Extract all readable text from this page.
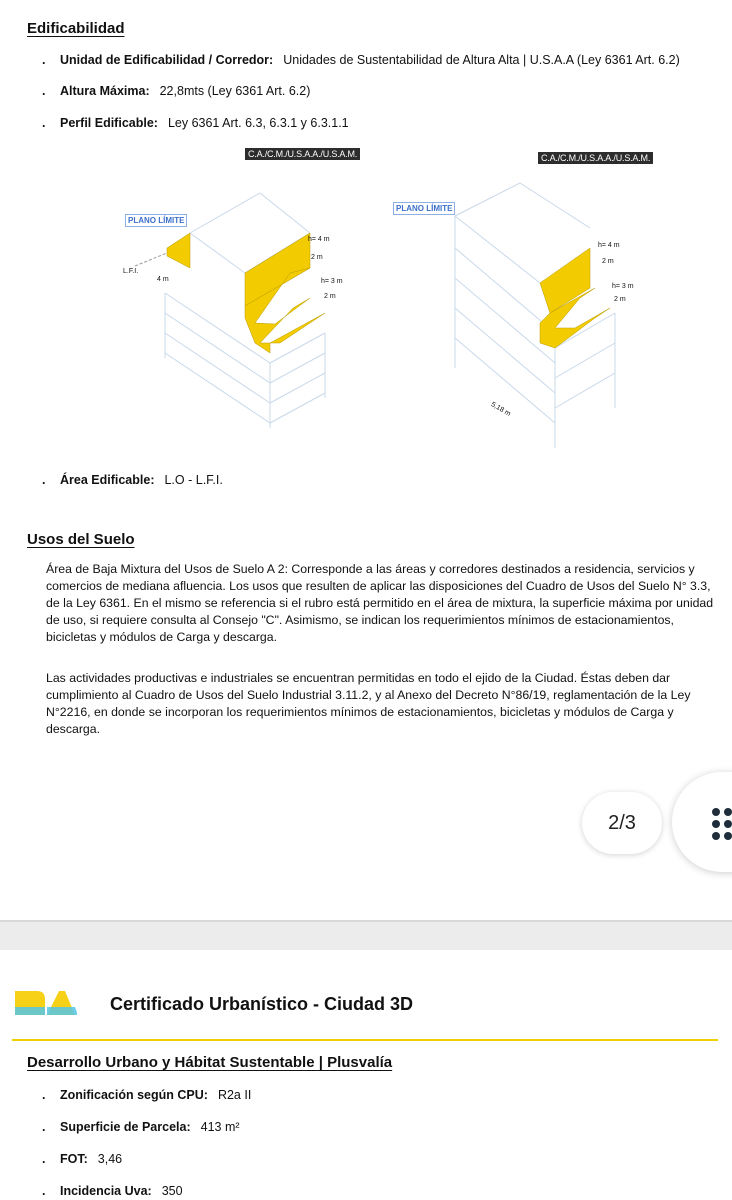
Edificabilidad
. Unidad de Edificabilidad / Corredor: Unidades de Sustentabilidad de Altura Alta | U.S.A.A (Ley 6361 Art. 6.2)
. Altura Máxima: 22,8mts (Ley 6361 Art. 6.2)
. Perfil Edificable: Ley 6361 Art. 6.3, 6.3.1 y 6.3.1.1
C.A./C.M./U.S.A.A./U.S.A.M.
PLANO LÍMITE
h= 4 m
2 m
h= 3 m
2 m
L.F.I.
4 m
C.A./C.M./U.S.A.A./U.S.A.M.
PLANO LÍMITE
h= 4 m
2 m
h= 3 m
2 m
5,18 m
. Área Edificable: L.O - L.F.I.
Usos del Suelo
Área de Baja Mixtura del Usos de Suelo A 2: Corresponde a las áreas y corredores destinados a residencia, servicios y comercios de mediana afluencia. Los usos que resulten de aplicar las disposiciones del Cuadro de Usos del Suelo N° 3.3, de la Ley 6361. En el mismo se referencia si el rubro está permitido en el área de mixtura, la superficie máxima por unidad de uso, si requiere consulta al Consejo "C". Asimismo, se indican los requerimientos mínimos de estacionamientos, bicicletas y módulos de Carga y descarga.
Las actividades productivas e industriales se encuentran permitidas en todo el ejido de la Ciudad. Éstas deben dar cumplimiento al Cuadro de Usos del Suelo Industrial 3.11.2, y al Anexo del Decreto N°86/19, reglamentación de la Ley N°2216, en donde se incorporan los requerimientos mínimos de estacionamientos, bicicletas y módulos de Carga y descarga.
2/3
Certificado Urbanístico - Ciudad 3D
Desarrollo Urbano y Hábitat Sustentable | Plusvalía
. Zonificación según CPU: R2a II
. Superficie de Parcela: 413 m²
. FOT: 3,46
. Incidencia Uva: 350
